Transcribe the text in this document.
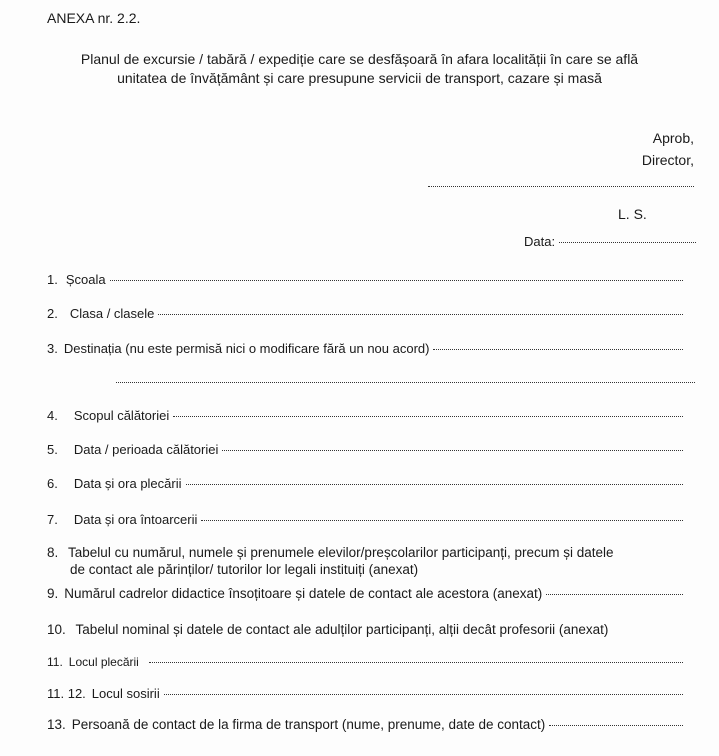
ANEXA nr. 2.2.
Planul de excursie / tabără / expediție care se desfășoară în afara localității în care se află
unitatea de învățământ și care presupune servicii de transport, cazare și masă
Aprob,
Director,
L. S.
Data:
1. Școala
2. Clasa / clasele
3. Destinația (nu este permisă nici o modificare fără un nou acord)
4. Scopul călătoriei
5. Data / perioada călătoriei
6. Data și ora plecării
7. Data și ora întoarcerii
8. Tabelul cu numărul, numele și prenumele elevilor/preșcolarilor participanți, precum și datele
de contact ale părinților/ tutorilor lor legali instituiți (anexat)
9. Numărul cadrelor didactice însoțitoare și datele de contact ale acestora (anexat)
10. Tabelul nominal și datele de contact ale adulților participanți, alții decât profesorii (anexat)
11. Locul plecării
11. 12. Locul sosirii
13. Persoană de contact de la firma de transport (nume, prenume, date de contact)
